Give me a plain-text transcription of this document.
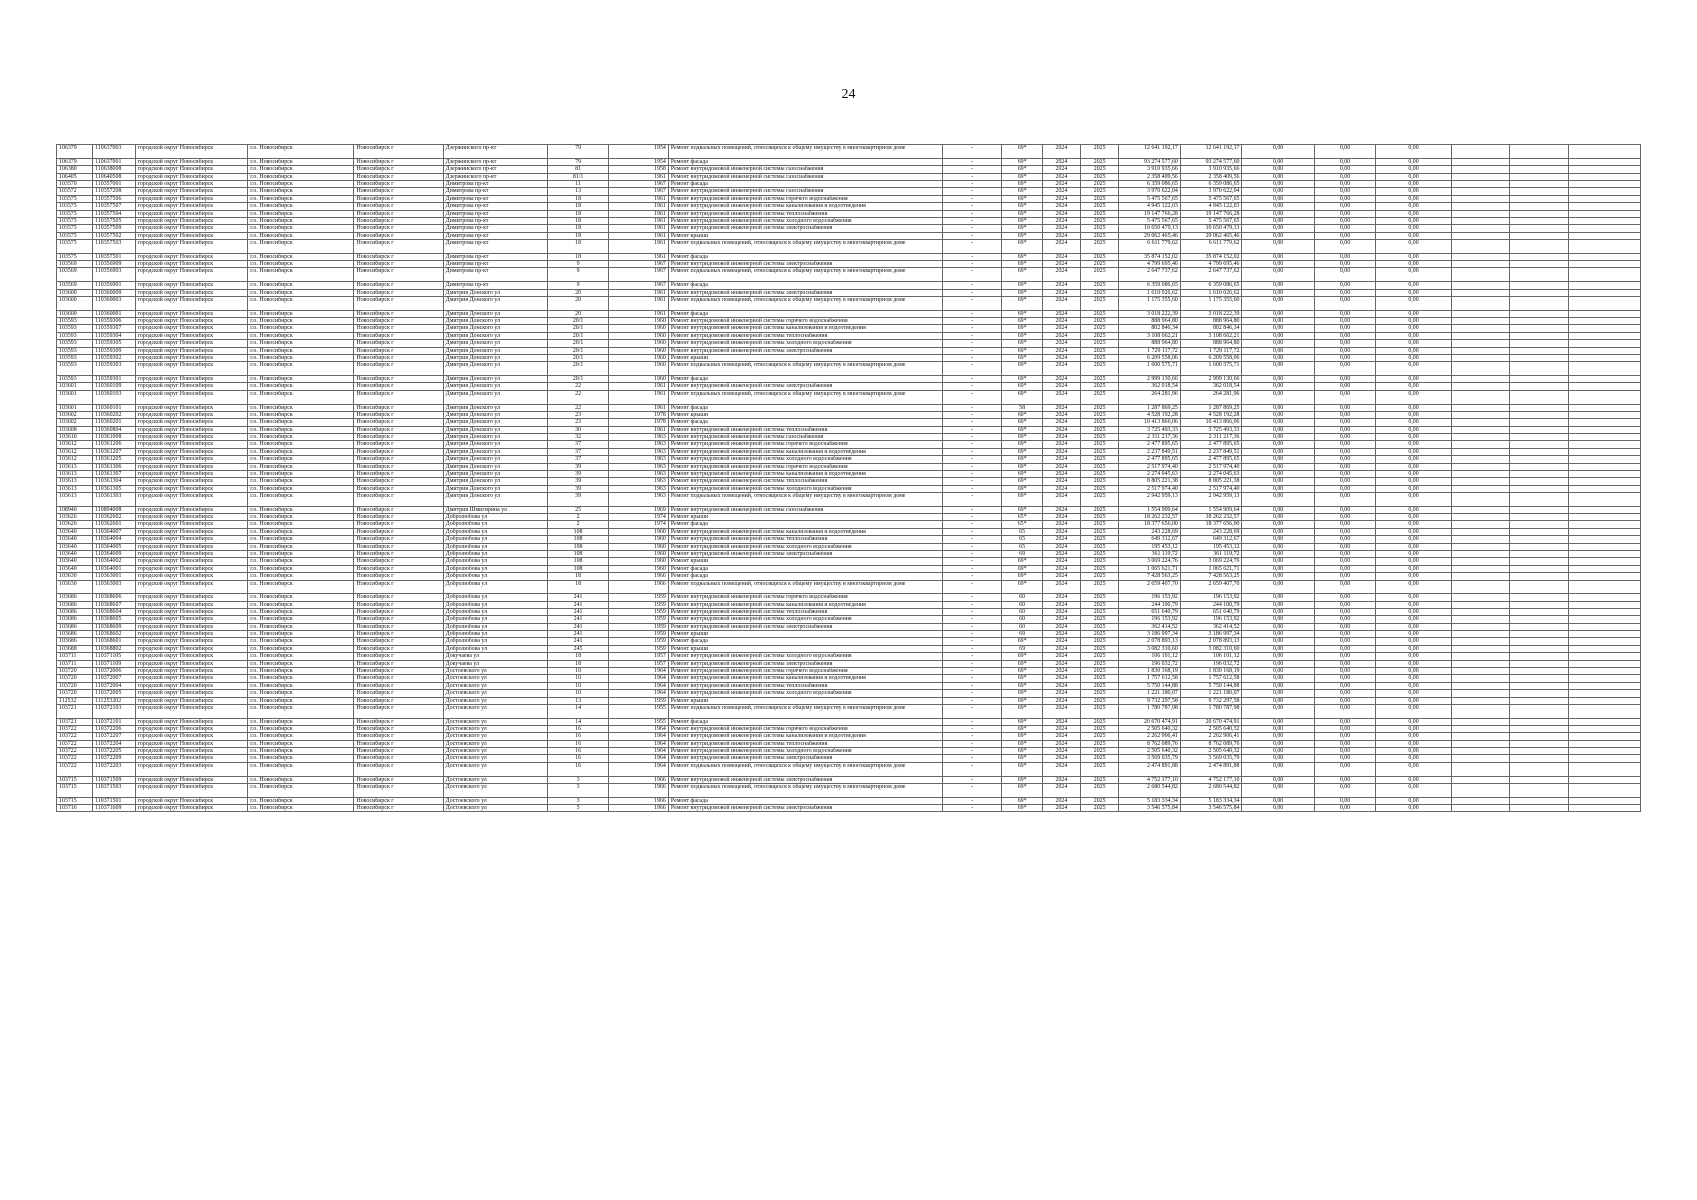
24
106379	110637003	городской округ Новосибирск	г.о. Новосибирск	Новосибирск г	Дзержинского пр-кт	79	1954	Ремонт подвальных помещений, относящихся к общему имуществу в многоквартирном доме	-	69*	2024	2025	12 641 192,17	12 641 192,17	0,00	0,00	0,00			
106379	110637001	городской округ Новосибирск	г.о. Новосибирск	Новосибирск г	Дзержинского пр-кт	79	1954	Ремонт фасада	-	69*	2024	2025	93 274 577,60	93 274 577,60	0,00	0,00	0,00			
106380	110638008	городской округ Новосибирск	г.о. Новосибирск	Новосибирск г	Дзержинского пр-кт	81	1958	Ремонт внутридомовой инженерной системы газоснабжения	-	69*	2024	2025	3 910 935,66	3 910 935,66	0,00	0,00	0,00			
106405	110640508	городской округ Новосибирск	г.о. Новосибирск	Новосибирск г	Дзержинского пр-кт	81/1	1961	Ремонт внутридомовой инженерной системы газоснабжения	-	69*	2024	2025	2 358 409,56	2 358 409,56	0,00	0,00	0,00			
103570	110357001	городской округ Новосибирск	г.о. Новосибирск	Новосибирск г	Димитрова пр-кт	11	1967	Ремонт фасада	-	69*	2024	2025	6 359 086,65	6 359 086,65	0,00	0,00	0,00			
103572	110357208	городской округ Новосибирск	г.о. Новосибирск	Новосибирск г	Димитрова пр-кт	13	1967	Ремонт внутридомовой инженерной системы газоснабжения	-	69*	2024	2025	3 970 622,04	3 970 622,04	0,00	0,00	0,00			
103575	110357506	городской округ Новосибирск	г.о. Новосибирск	Новосибирск г	Димитрова пр-кт	18	1961	Ремонт внутридомовой инженерной системы горячего водоснабжения	-	69*	2024	2025	5 475 567,65	5 475 567,65	0,00	0,00	0,00			
103575	110357507	городской округ Новосибирск	г.о. Новосибирск	Новосибирск г	Димитрова пр-кт	18	1961	Ремонт внутридомовой инженерной системы канализования и водоотведения	-	69*	2024	2025	4 945 122,03	4 945 122,03	0,00	0,00	0,00			
103575	110357504	городской округ Новосибирск	г.о. Новосибирск	Новосибирск г	Димитрова пр-кт	18	1961	Ремонт внутридомовой инженерной системы теплоснабжения	-	69*	2024	2025	19 147 766,28	19 147 766,28	0,00	0,00	0,00			
103575	110357505	городской округ Новосибирск	г.о. Новосибирск	Новосибирск г	Димитрова пр-кт	18	1961	Ремонт внутридомовой инженерной системы холодного водоснабжения	-	69*	2024	2025	5 475 567,65	5 475 567,65	0,00	0,00	0,00			
103575	110357509	городской округ Новосибирск	г.о. Новосибирск	Новосибирск г	Димитрова пр-кт	18	1961	Ремонт внутридомовой инженерной системы электроснабжения	-	69*	2024	2025	10 650 479,13	10 650 479,13	0,00	0,00	0,00			
103575	110357502	городской округ Новосибирск	г.о. Новосибирск	Новосибирск г	Димитрова пр-кт	18	1961	Ремонт крыши	-	69*	2024	2025	29 062 465,46	29 062 465,46	0,00	0,00	0,00			
103575	110357503	городской округ Новосибирск	г.о. Новосибирск	Новосибирск г	Димитрова пр-кт	18	1961	Ремонт подвальных помещений, относящихся к общему имуществу в многоквартирном доме	-	69*	2024	2025	6 611 779,62	6 611 779,62	0,00	0,00	0,00			
103575	110357501	городской округ Новосибирск	г.о. Новосибирск	Новосибирск г	Димитрова пр-кт	18	1961	Ремонт фасада	-	69*	2024	2025	35 874 152,02	35 874 152,02	0,00	0,00	0,00			
103569	110356909	городской округ Новосибирск	г.о. Новосибирск	Новосибирск г	Димитрова пр-кт	9	1967	Ремонт внутридомовой инженерной системы электроснабжения	-	69*	2024	2025	4 799 695,46	4 799 695,46	0,00	0,00	0,00			
103569	110356903	городской округ Новосибирск	г.о. Новосибирск	Новосибирск г	Димитрова пр-кт	9	1967	Ремонт подвальных помещений, относящихся к общему имуществу в многоквартирном доме	-	69*	2024	2025	2 647 737,62	2 647 737,62	0,00	0,00	0,00			
103569	110356901	городской округ Новосибирск	г.о. Новосибирск	Новосибирск г	Димитрова пр-кт	9	1967	Ремонт фасада	-	69*	2024	2025	6 359 086,65	6 359 086,65	0,00	0,00	0,00			
103600	110360009	городской округ Новосибирск	г.о. Новосибирск	Новосибирск г	Дмитрия Донского ул	20	1961	Ремонт внутридомовой инженерной системы электроснабжения	-	69*	2024	2025	1 610 026,62	1 610 026,62	0,00	0,00	0,00			
103600	110360003	городской округ Новосибирск	г.о. Новосибирск	Новосибирск г	Дмитрия Донского ул	20	1961	Ремонт подвальных помещений, относящихся к общему имуществу в многоквартирном доме	-	69*	2024	2025	1 175 355,60	1 175 355,60	0,00	0,00	0,00			
103600	110360001	городской округ Новосибирск	г.о. Новосибирск	Новосибирск г	Дмитрия Донского ул	20	1961	Ремонт фасада	-	69*	2024	2025	3 018 222,39	3 018 222,39	0,00	0,00	0,00			
103593	110359306	городской округ Новосибирск	г.о. Новосибирск	Новосибирск г	Дмитрия Донского ул	20/1	1960	Ремонт внутридомовой инженерной системы горячего водоснабжения	-	69*	2024	2025	888 964,80	888 964,80	0,00	0,00	0,00			
103593	110359307	городской округ Новосибирск	г.о. Новосибирск	Новосибирск г	Дмитрия Донского ул	20/1	1960	Ремонт внутридомовой инженерной системы канализования и водоотведения	-	69*	2024	2025	802 846,34	802 846,34	0,00	0,00	0,00			
103593	110359304	городской округ Новосибирск	г.о. Новосибирск	Новосибирск г	Дмитрия Донского ул	20/1	1960	Ремонт внутридомовой инженерной системы теплоснабжения	-	69*	2024	2025	3 108 662,21	3 108 662,21	0,00	0,00	0,00			
103593	110359305	городской округ Новосибирск	г.о. Новосибирск	Новосибирск г	Дмитрия Донского ул	20/1	1960	Ремонт внутридомовой инженерной системы холодного водоснабжения	-	69*	2024	2025	888 964,80	888 964,80	0,00	0,00	0,00			
103593	110359309	городской округ Новосибирск	г.о. Новосибирск	Новосибирск г	Дмитрия Донского ул	20/1	1960	Ремонт внутридомовой инженерной системы электроснабжения	-	69*	2024	2025	1 729 117,72	1 729 117,72	0,00	0,00	0,00			
103593	110359302	городской округ Новосибирск	г.о. Новосибирск	Новосибирск г	Дмитрия Донского ул	20/1	1960	Ремонт крыши	-	69*	2024	2025	6 209 558,06	6 209 558,06	0,00	0,00	0,00			
103593	110359303	городской округ Новосибирск	г.о. Новосибирск	Новосибирск г	Дмитрия Донского ул	20/1	1960	Ремонт подвальных помещений, относящихся к общему имуществу в многоквартирном доме	-	69*	2024	2025	1 600 575,71	1 600 575,71	0,00	0,00	0,00			
103593	110359301	городской округ Новосибирск	г.о. Новосибирск	Новосибирск г	Дмитрия Донского ул	20/1	1960	Ремонт фасада	-	69*	2024	2025	2 999 130,66	2 999 130,66	0,00	0,00	0,00			
103601	110360109	городской округ Новосибирск	г.о. Новосибирск	Новосибирск г	Дмитрия Донского ул	22	1961	Ремонт внутридомовой инженерной системы электроснабжения	-	69*	2024	2025	362 018,54	362 018,54	0,00	0,00	0,00			
103601	110360103	городской округ Новосибирск	г.о. Новосибирск	Новосибирск г	Дмитрия Донского ул	22	1961	Ремонт подвальных помещений, относящихся к общему имуществу в многоквартирном доме	-	69*	2024	2025	264 281,96	264 281,96	0,00	0,00	0,00			
103601	110360101	городской округ Новосибирск	г.о. Новосибирск	Новосибирск г	Дмитрия Донского ул	22	1961	Ремонт фасада	-	58	2024	2025	1 287 869,25	1 287 869,25	0,00	0,00	0,00			
103602	110360202	городской округ Новосибирск	г.о. Новосибирск	Новосибирск г	Дмитрия Донского ул	23	1978	Ремонт крыши	-	60*	2024	2025	4 528 192,28	4 528 192,28	0,00	0,00	0,00			
103602	110360201	городской округ Новосибирск	г.о. Новосибирск	Новосибирск г	Дмитрия Донского ул	23	1978	Ремонт фасада	-	60*	2024	2025	10 413 866,06	10 413 866,06	0,00	0,00	0,00			
103608	110360804	городской округ Новосибирск	г.о. Новосибирск	Новосибирск г	Дмитрия Донского ул	30	1961	Ремонт внутридомовой инженерной системы теплоснабжения	-	69*	2024	2025	3 725 493,33	3 725 493,33	0,00	0,00	0,00			
103610	110361008	городской округ Новосибирск	г.о. Новосибирск	Новосибирск г	Дмитрия Донского ул	32	1963	Ремонт внутридомовой инженерной системы газоснабжения	-	69*	2024	2025	2 311 217,36	2 311 217,36	0,00	0,00	0,00			
103612	110361206	городской округ Новосибирск	г.о. Новосибирск	Новосибирск г	Дмитрия Донского ул	37	1963	Ремонт внутридомовой инженерной системы горячего водоснабжения	-	69*	2024	2025	2 477 895,65	2 477 895,65	0,00	0,00	0,00			
103612	110361207	городской округ Новосибирск	г.о. Новосибирск	Новосибирск г	Дмитрия Донского ул	37	1963	Ремонт внутридомовой инженерной системы канализования и водоотведения	-	69*	2024	2025	2 237 849,51	2 237 849,51	0,00	0,00	0,00			
103612	110361205	городской округ Новосибирск	г.о. Новосибирск	Новосибирск г	Дмитрия Донского ул	37	1963	Ремонт внутридомовой инженерной системы холодного водоснабжения	-	69*	2024	2025	2 477 895,65	2 477 895,65	0,00	0,00	0,00			
103613	110361306	городской округ Новосибирск	г.о. Новосибирск	Новосибирск г	Дмитрия Донского ул	39	1963	Ремонт внутридомовой инженерной системы горячего водоснабжения	-	69*	2024	2025	2 517 974,40	2 517 974,40	0,00	0,00	0,00			
103613	110361307	городской округ Новосибирск	г.о. Новосибирск	Новосибирск г	Дмитрия Донского ул	39	1963	Ремонт внутридомовой инженерной системы канализования и водоотведения	-	69*	2024	2025	2 274 045,63	2 274 045,63	0,00	0,00	0,00			
103613	110361304	городской округ Новосибирск	г.о. Новосибирск	Новосибирск г	Дмитрия Донского ул	39	1963	Ремонт внутридомовой инженерной системы теплоснабжения	-	69*	2024	2025	8 805 221,38	8 805 221,38	0,00	0,00	0,00			
103613	110361305	городской округ Новосибирск	г.о. Новосибирск	Новосибирск г	Дмитрия Донского ул	39	1963	Ремонт внутридомовой инженерной системы холодного водоснабжения	-	69*	2024	2025	2 517 974,40	2 517 974,40	0,00	0,00	0,00			
103613	110361303	городской округ Новосибирск	г.о. Новосибирск	Новосибирск г	Дмитрия Донского ул	39	1963	Ремонт подвальных помещений, относящихся к общему имуществу в многоквартирном доме	-	69*	2024	2025	2 942 959,13	2 942 959,13	0,00	0,00	0,00			
108940	110894008	городской округ Новосибирск	г.о. Новосибирск	Новосибирск г	Дмитрия Шмигирина ул	25	1969	Ремонт внутридомовой инженерной системы газоснабжения	-	69*	2024	2025	1 554 909,64	1 554 909,64	0,00	0,00	0,00			
103626	110362602	городской округ Новосибирск	г.о. Новосибирск	Новосибирск г	Добролюбова ул	2	1974	Ремонт крыши	-	65*	2024	2025	18 262 232,57	18 262 232,57	0,00	0,00	0,00			
103626	110362601	городской округ Новосибирск	г.о. Новосибирск	Новосибирск г	Добролюбова ул	2	1974	Ремонт фасада	-	65*	2024	2025	18 377 656,00	18 377 656,00	0,00	0,00	0,00			
103640	110364007	городской округ Новосибирск	г.о. Новосибирск	Новосибирск г	Добролюбова ул	108	1960	Ремонт внутридомовой инженерной системы канализования и водоотведения	-	65	2024	2025	243 228,69	243 228,69	0,00	0,00	0,00			
103640	110364004	городской округ Новосибирск	г.о. Новосибирск	Новосибирск г	Добролюбова ул	108	1960	Ремонт внутридомовой инженерной системы теплоснабжения	-	65	2024	2025	649 312,67	649 312,67	0,00	0,00	0,00			
103640	110364005	городской округ Новосибирск	г.о. Новосибирск	Новосибирск г	Добролюбова ул	108	1960	Ремонт внутридомовой инженерной системы холодного водоснабжения	-	65	2024	2025	195 453,12	195 453,12	0,00	0,00	0,00			
103640	110364009	городской округ Новосибирск	г.о. Новосибирск	Новосибирск г	Добролюбова ул	108	1960	Ремонт внутридомовой инженерной системы электроснабжения	-	69	2024	2025	361 119,72	361 119,72	0,00	0,00	0,00			
103640	110364002	городской округ Новосибирск	г.о. Новосибирск	Новосибирск г	Добролюбова ул	108	1960	Ремонт крыши	-	69*	2024	2025	3 069 224,76	3 069 224,76	0,00	0,00	0,00			
103640	110364001	городской округ Новосибирск	г.о. Новосибирск	Новосибирск г	Добролюбова ул	108	1960	Ремонт фасада	-	69*	2024	2025	1 065 621,71	1 065 621,71	0,00	0,00	0,00			
103630	110363001	городской округ Новосибирск	г.о. Новосибирск	Новосибирск г	Добролюбова ул	18	1966	Ремонт фасада	-	69*	2024	2025	7 428 563,25	7 428 563,25	0,00	0,00	0,00			
103630	110363003	городской округ Новосибирск	г.о. Новосибирск	Новосибирск г	Добролюбова ул	18	1966	Ремонт подвальных помещений, относящихся к общему имуществу в многоквартирном доме	-	69*	2024	2025	2 659 407,70	2 659 407,70	0,00	0,00	0,00			
103686	110368606	городской округ Новосибирск	г.о. Новосибирск	Новосибирск г	Добролюбова ул	241	1959	Ремонт внутридомовой инженерной системы горячего водоснабжения	-	60	2024	2025	196 153,92	196 153,92	0,00	0,00	0,00			
103686	110368607	городской округ Новосибирск	г.о. Новосибирск	Новосибирск г	Добролюбова ул	241	1959	Ремонт внутридомовой инженерной системы канализования и водоотведения	-	60	2024	2025	244 100,79	244 100,79	0,00	0,00	0,00			
103686	110368604	городской округ Новосибирск	г.о. Новосибирск	Новосибирск г	Добролюбова ул	241	1959	Ремонт внутридомовой инженерной системы теплоснабжения	-	60	2024	2025	651 640,79	651 640,79	0,00	0,00	0,00			
103686	110368605	городской округ Новосибирск	г.о. Новосибирск	Новосибирск г	Добролюбова ул	241	1959	Ремонт внутридомовой инженерной системы холодного водоснабжения	-	60	2024	2025	196 153,92	196 153,92	0,00	0,00	0,00			
103686	110368609	городской округ Новосибирск	г.о. Новосибирск	Новосибирск г	Добролюбова ул	241	1959	Ремонт внутридомовой инженерной системы электроснабжения	-	60	2024	2025	362 414,52	362 414,52	0,00	0,00	0,00			
103686	110368602	городской округ Новосибирск	г.о. Новосибирск	Новосибирск г	Добролюбова ул	241	1959	Ремонт крыши	-	69	2024	2025	3 186 997,34	3 186 997,34	0,00	0,00	0,00			
103686	110368601	городской округ Новосибирск	г.о. Новосибирск	Новосибирск г	Добролюбова ул	241	1959	Ремонт фасада	-	69*	2024	2025	2 078 893,13	2 078 893,13	0,00	0,00	0,00			
103688	110368802	городской округ Новосибирск	г.о. Новосибирск	Новосибирск г	Добролюбова ул	245	1959	Ремонт крыши	-	69	2024	2025	3 082 310,60	3 082 310,60	0,00	0,00	0,00			
103711	110371105	городской округ Новосибирск	г.о. Новосибирск	Новосибирск г	Докучаева ул	18	1957	Ремонт внутридомовой инженерной системы холодного водоснабжения	-	69*	2024	2025	106 101,12	106 101,12	0,00	0,00	0,00			
103711	110371109	городской округ Новосибирск	г.о. Новосибирск	Новосибирск г	Докучаева ул	18	1957	Ремонт внутридомовой инженерной системы электроснабжения	-	69*	2024	2025	196 032,72	196 032,72	0,00	0,00	0,00			
103720	110372006	городской округ Новосибирск	г.о. Новосибирск	Новосибирск г	Достоевского ул	10	1964	Ремонт внутридомовой инженерной системы горячего водоснабжения	-	69*	2024	2025	1 830 168,19	1 830 168,19	0,00	0,00	0,00			
103720	110372007	городской округ Новосибирск	г.о. Новосибирск	Новосибирск г	Достоевского ул	10	1964	Ремонт внутридомовой инженерной системы канализования и водоотведения	-	69*	2024	2025	1 757 612,58	1 757 612,58	0,00	0,00	0,00			
103720	110372004	городской округ Новосибирск	г.о. Новосибирск	Новосибирск г	Достоевского ул	10	1964	Ремонт внутридомовой инженерной системы теплоснабжения	-	69*	2024	2025	5 750 144,88	5 750 144,88	0,00	0,00	0,00			
103720	110372005	городской округ Новосибирск	г.о. Новосибирск	Новосибирск г	Достоевского ул	10	1964	Ремонт внутридомовой инженерной системы холодного водоснабжения	-	69*	2024	2025	1 221 180,07	1 221 180,07	0,00	0,00	0,00			
112532	111253202	городской округ Новосибирск	г.о. Новосибирск	Новосибирск г	Достоевского ул	13	1959	Ремонт крыши	-	69*	2024	2025	9 732 297,58	9 732 297,58	0,00	0,00	0,00			
103721	110372103	городской округ Новосибирск	г.о. Новосибирск	Новосибирск г	Достоевского ул	14	1955	Ремонт подвальных помещений, относящихся к общему имуществу в многоквартирном доме	-	69*	2024	2025	1 780 787,98	1 780 787,98	0,00	0,00	0,00			
103721	110372101	городской округ Новосибирск	г.о. Новосибирск	Новосибирск г	Достоевского ул	14	1955	Ремонт фасада	-	69*	2024	2025	20 670 474,91	20 670 474,91	0,00	0,00	0,00			
103722	110372206	городской округ Новосибирск	г.о. Новосибирск	Новосибирск г	Достоевского ул	16	1964	Ремонт внутридомовой инженерной системы горячего водоснабжения	-	69*	2024	2025	2 505 640,32	2 505 640,32	0,00	0,00	0,00			
103722	110372207	городской округ Новосибирск	г.о. Новосибирск	Новосибирск г	Достоевского ул	16	1964	Ремонт внутридомовой инженерной системы канализования и водоотведения	-	69*	2024	2025	2 262 906,41	2 262 906,41	0,00	0,00	0,00			
103722	110372204	городской округ Новосибирск	г.о. Новосибирск	Новосибирск г	Достоевского ул	16	1964	Ремонт внутридомовой инженерной системы теплоснабжения	-	69*	2024	2025	8 762 089,76	8 762 089,76	0,00	0,00	0,00			
103722	110372205	городской округ Новосибирск	г.о. Новосибирск	Новосибирск г	Достоевского ул	16	1964	Ремонт внутридомовой инженерной системы холодного водоснабжения	-	69*	2024	2025	2 505 640,32	2 505 640,32	0,00	0,00	0,00			
103722	110372209	городской округ Новосибирск	г.о. Новосибирск	Новосибирск г	Достоевского ул	16	1964	Ремонт внутридомовой инженерной системы электроснабжения	-	69*	2024	2025	3 569 035,79	3 569 035,79	0,00	0,00	0,00			
103722	110372203	городской округ Новосибирск	г.о. Новосибирск	Новосибирск г	Достоевского ул	16	1964	Ремонт подвальных помещений, относящихся к общему имуществу в многоквартирном доме	-	69*	2024	2025	2 474 891,88	2 474 891,88	0,00	0,00	0,00			
103715	110371509	городской округ Новосибирск	г.о. Новосибирск	Новосибирск г	Достоевского ул	3	1966	Ремонт внутридомовой инженерной системы электроснабжения	-	69*	2024	2025	4 752 177,10	4 752 177,10	0,00	0,00	0,00			
103715	110371503	городской округ Новосибирск	г.о. Новосибирск	Новосибирск г	Достоевского ул	3	1966	Ремонт подвальных помещений, относящихся к общему имуществу в многоквартирном доме	-	69*	2024	2025	2 680 544,82	2 680 544,82	0,00	0,00	0,00			
103715	110371501	городской округ Новосибирск	г.о. Новосибирск	Новосибирск г	Достоевского ул	3	1966	Ремонт фасада	-	69*	2024	2025	5 183 334,34	5 183 334,34	0,00	0,00	0,00			
103716	110371609	городской округ Новосибирск	г.о. Новосибирск	Новосибирск г	Достоевского ул	5	1966	Ремонт внутридомовой инженерной системы электроснабжения	-	69*	2024	2025	3 546 575,84	3 546 575,84	0,00	0,00	0,00			
